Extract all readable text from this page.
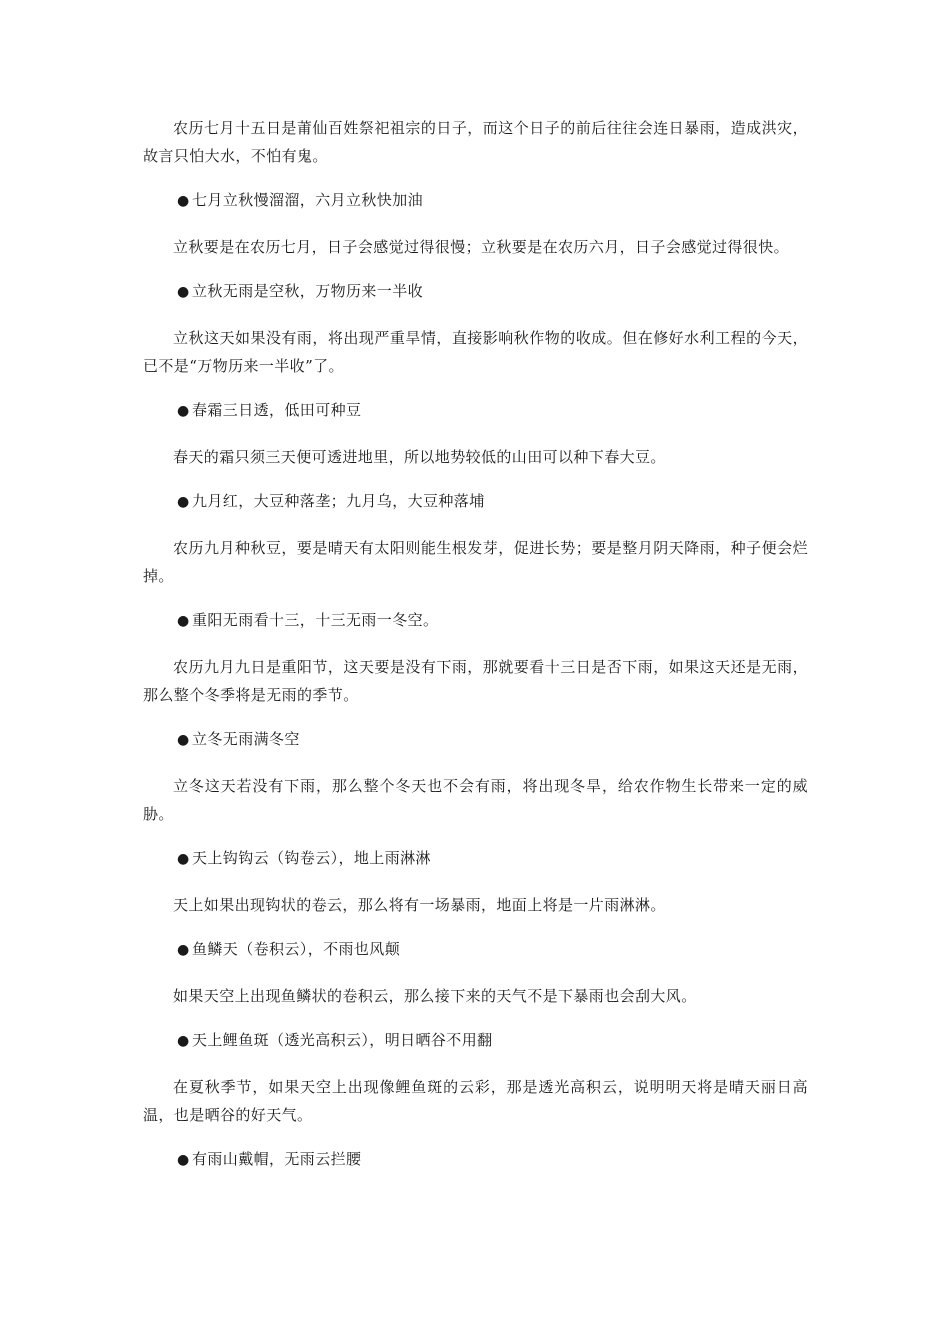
农历七月十五日是莆仙百姓祭祀祖宗的日子，而这个日子的前后往往会连日暴雨，造成洪灾，故言只怕大水，不怕有鬼。

● 七月立秋慢溜溜，六月立秋快加油

立秋要是在农历七月，日子会感觉过得很慢；立秋要是在农历六月，日子会感觉过得很快。

● 立秋无雨是空秋，万物历来一半收

立秋这天如果没有雨，将出现严重旱情，直接影响秋作物的收成。但在修好水利工程的今天，已不是“万物历来一半收”了。

● 春霜三日透，低田可种豆

春天的霜只须三天便可透进地里，所以地势较低的山田可以种下春大豆。

● 九月红，大豆种落垄；九月乌，大豆种落埔

农历九月种秋豆，要是晴天有太阳则能生根发芽，促进长势；要是整月阴天降雨，种子便会烂掉。

● 重阳无雨看十三，十三无雨一冬空。

农历九月九日是重阳节，这天要是没有下雨，那就要看十三日是否下雨，如果这天还是无雨，那么整个冬季将是无雨的季节。

● 立冬无雨满冬空

立冬这天若没有下雨，那么整个冬天也不会有雨，将出现冬旱，给农作物生长带来一定的威胁。

● 天上钩钩云（钩卷云），地上雨淋淋

天上如果出现钩状的卷云，那么将有一场暴雨，地面上将是一片雨淋淋。

● 鱼鳞天（卷积云），不雨也风颠

如果天空上出现鱼鳞状的卷积云，那么接下来的天气不是下暴雨也会刮大风。

● 天上鲤鱼斑（透光高积云），明日晒谷不用翻

在夏秋季节，如果天空上出现像鲤鱼斑的云彩，那是透光高积云，说明明天将是晴天丽日高温，也是晒谷的好天气。

● 有雨山戴帽，无雨云拦腰
